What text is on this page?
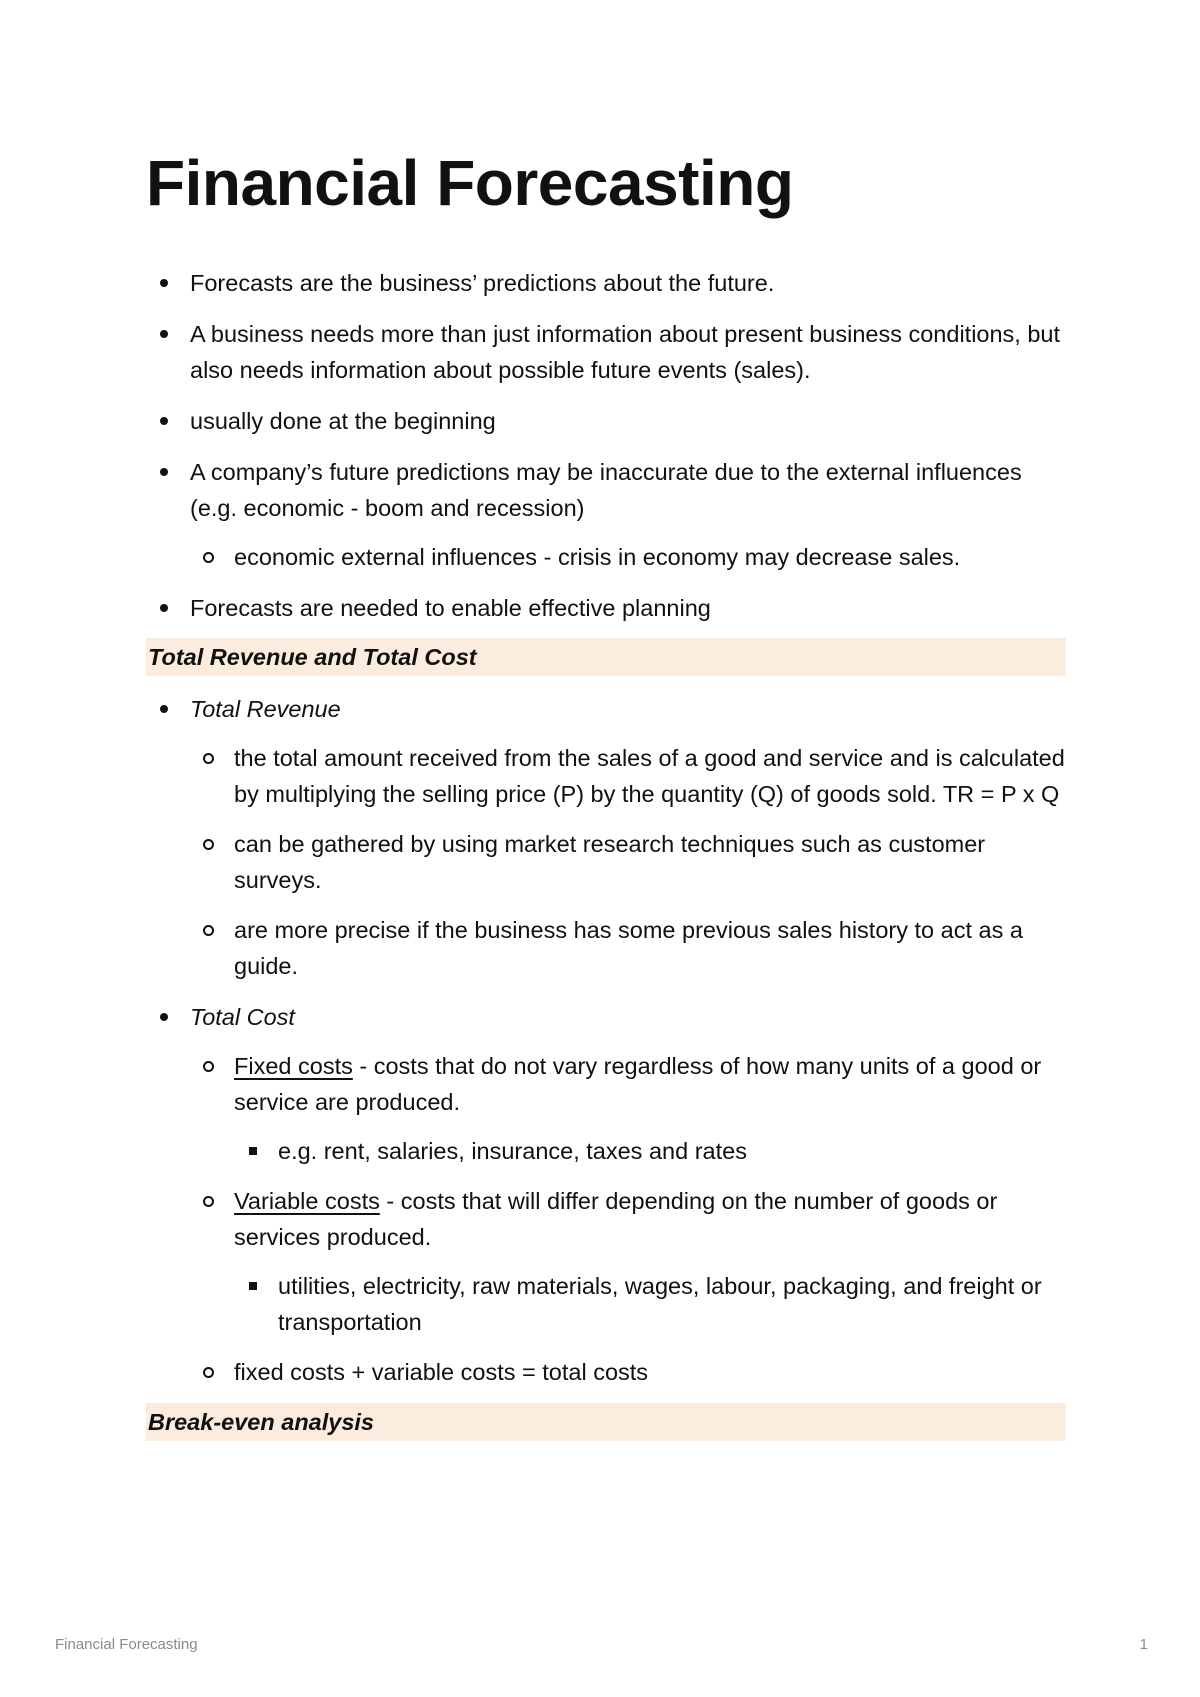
Financial Forecasting
Forecasts are the business’ predictions about the future.
A business needs more than just information about present business conditions, but also needs information about possible future events (sales).
usually done at the beginning
A company’s future predictions may be inaccurate due to the external influences (e.g. economic - boom and recession)
economic external influences - crisis in economy may decrease sales.
Forecasts are needed to enable effective planning
Total Revenue and Total Cost
Total Revenue
the total amount received from the sales of a good and service and is calculated by multiplying the selling price (P) by the quantity (Q) of goods sold. TR = P x Q
can be gathered by using market research techniques such as customer surveys.
are more precise if the business has some previous sales history to act as a guide.
Total Cost
Fixed costs - costs that do not vary regardless of how many units of a good or service are produced.
e.g. rent, salaries, insurance, taxes and rates
Variable costs - costs that will differ depending on the number of goods or services produced.
utilities, electricity, raw materials, wages, labour, packaging, and freight or transportation
fixed costs + variable costs = total costs
Break-even analysis
Financial Forecasting	1
